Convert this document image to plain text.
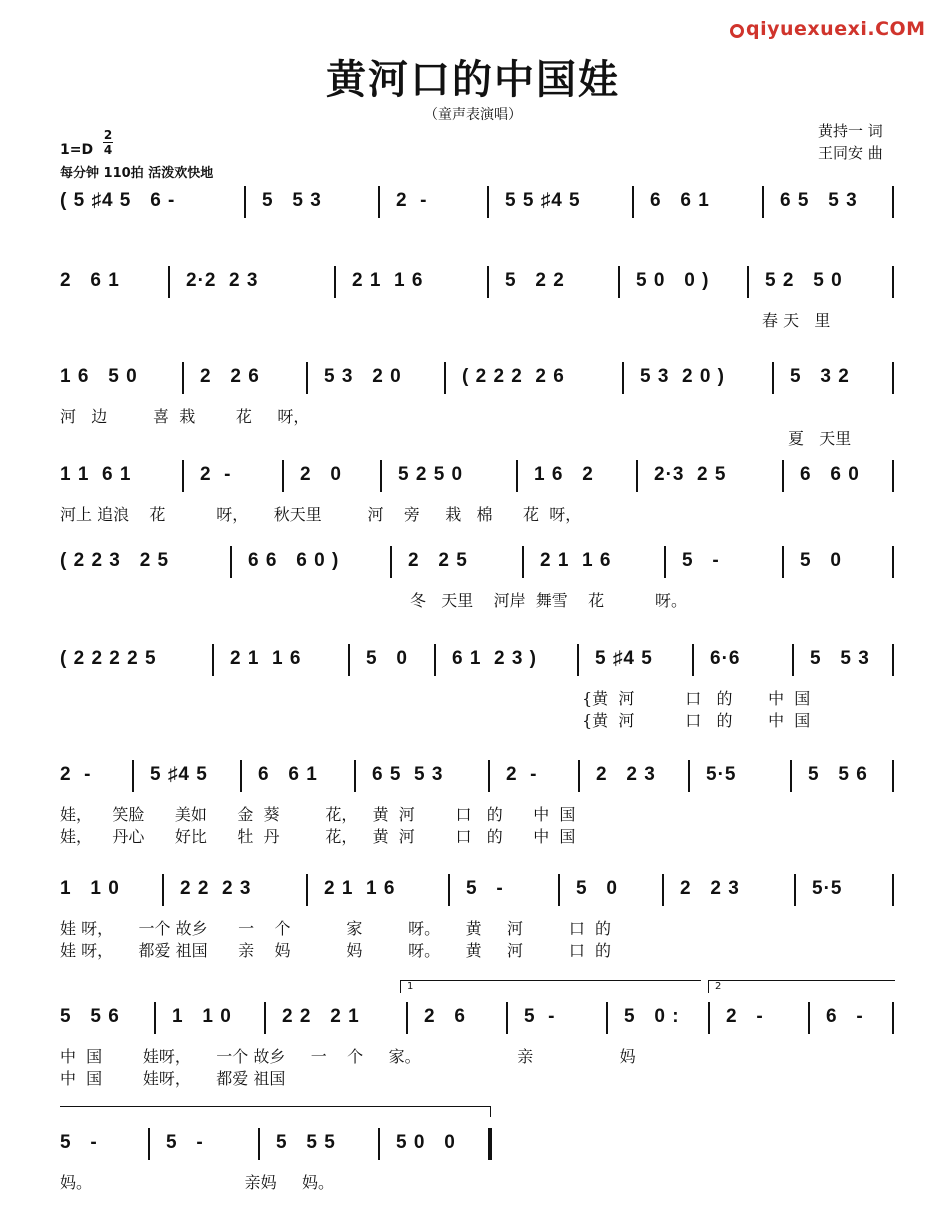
qiyuexuexi.COM
黄河口的中国娃
（童声表演唱）
黄持一 词
王同安 曲
1=D
2
4
每分钟 110拍 活泼欢快地
( 5 ♯4 5   6 -	5   5 3	2  -	5 5 ♯4 5	6   6 1	6 5   5 3
2   6 1	2·2  2 3	2 1  1 6	5   2 2	5 0   0 )	5 2   5 0
春 天   里
1 6   5 0	2   2 6	5 3   2 0	( 2 2 2  2 6	5 3  2 0 )	5   3 2
河   边         喜  栽        花     呀，
夏   天里
1 1  6 1	2  -	2   0	5 2 5 0	1 6   2	2·3  2 5	6   6 0
河上 追浪    花          呀，     秋天里         河    旁     栽   棉      花  呀，
( 2 2 3   2 5	6 6   6 0 )	2   2 5	2 1  1 6	5   -	5   0
冬   天里    河岸  舞雪    花          呀。
( 2 2 2 2 5	2 1  1 6	5   0 6 1  2 3 )	5 ♯4 5	6·6	5   5 3
{黄  河          口   的       中  国
{黄  河          口   的       中  国
2  -	5 ♯4 5	6   6 1	6 5  5 3	2  -	2   2 3	5·5	5   5 6
娃，    笑脸      美如      金  葵         花，   黄  河        口   的      中  国
娃，    丹心      好比      牡  丹         花，   黄  河        口   的      中  国
1   1 0	2 2  2 3	2 1  1 6	5   -	5   0	2   2 3	5·5
娃 呀，     一个 故乡      一    个           家         呀。     黄     河         口  的
娃 呀，     都爱 祖国      亲    妈           妈         呀。     黄     河         口  的
5   5 6	1   1 0	2 2   2 1	2   6	5  -	5   0 : 2   -	6   -
中  国        娃呀，     一个 故乡     一    个     家。                   亲                 妈
中  国        娃呀，     都爱 祖国
5   -	5   -	5   5 5	5 0   0
妈。                              亲妈     妈。
1	2
